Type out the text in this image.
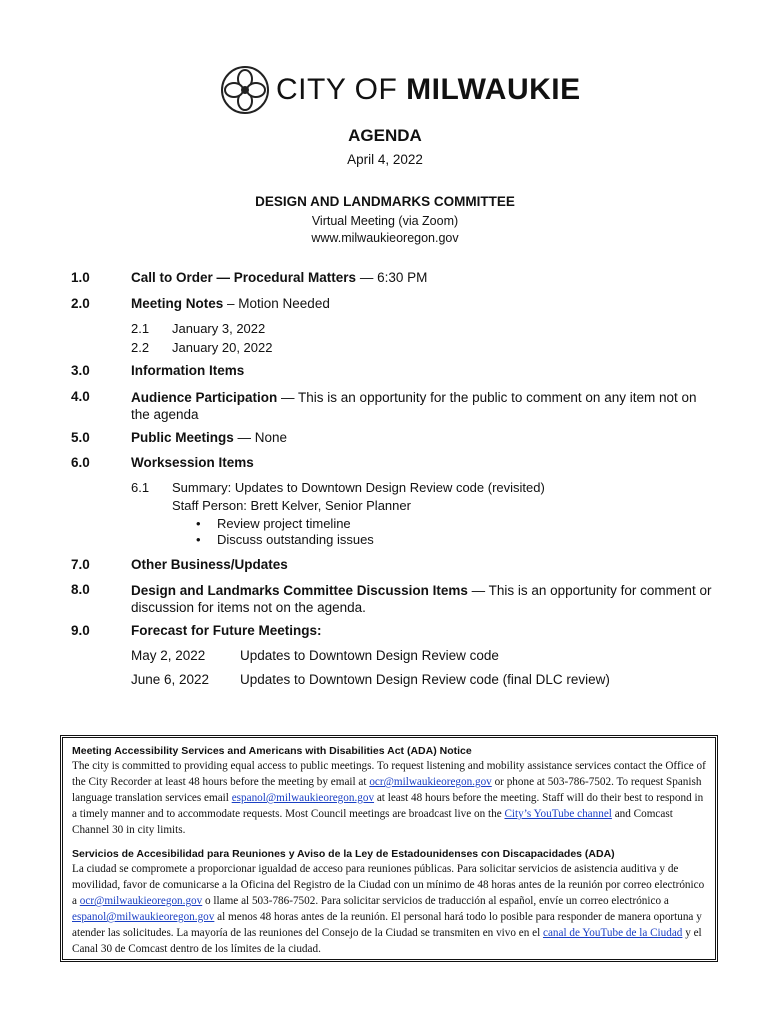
CITY OF MILWAUKIE
AGENDA
April 4, 2022
DESIGN AND LANDMARKS COMMITTEE
Virtual Meeting (via Zoom)
www.milwaukieoregon.gov
1.0	Call to Order — Procedural Matters — 6:30 PM
2.0	Meeting Notes – Motion Needed
2.1 January 3, 2022
2.2 January 20, 2022
3.0	Information Items
4.0	Audience Participation — This is an opportunity for the public to comment on any item not on the agenda
5.0	Public Meetings — None
6.0	Worksession Items
6.1 Summary: Updates to Downtown Design Review code (revisited)
Staff Person: Brett Kelver, Senior Planner
• Review project timeline
• Discuss outstanding issues
7.0	Other Business/Updates
8.0	Design and Landmarks Committee Discussion Items — This is an opportunity for comment or discussion for items not on the agenda.
9.0	Forecast for Future Meetings:
May 2, 2022	Updates to Downtown Design Review code
June 6, 2022 Updates to Downtown Design Review code (final DLC review)
Meeting Accessibility Services and Americans with Disabilities Act (ADA) Notice
The city is committed to providing equal access to public meetings. To request listening and mobility assistance services contact the Office of the City Recorder at least 48 hours before the meeting by email at ocr@milwaukieoregon.gov or phone at 503-786-7502. To request Spanish language translation services email espanol@milwaukieoregon.gov at least 48 hours before the meeting. Staff will do their best to respond in a timely manner and to accommodate requests. Most Council meetings are broadcast live on the City’s YouTube channel and Comcast Channel 30 in city limits.
Servicios de Accesibilidad para Reuniones y Aviso de la Ley de Estadounidenses con Discapacidades (ADA)
La ciudad se compromete a proporcionar igualdad de acceso para reuniones públicas. Para solicitar servicios de asistencia auditiva y de movilidad, favor de comunicarse a la Oficina del Registro de la Ciudad con un mínimo de 48 horas antes de la reunión por correo electrónico a ocr@milwaukieoregon.gov o llame al 503-786-7502. Para solicitar servicios de traducción al español, envíe un correo electrónico a espanol@milwaukieoregon.gov al menos 48 horas antes de la reunión. El personal hará todo lo posible para responder de manera oportuna y atender las solicitudes. La mayoría de las reuniones del Consejo de la Ciudad se transmiten en vivo en el canal de YouTube de la Ciudad y el Canal 30 de Comcast dentro de los límites de la ciudad.
